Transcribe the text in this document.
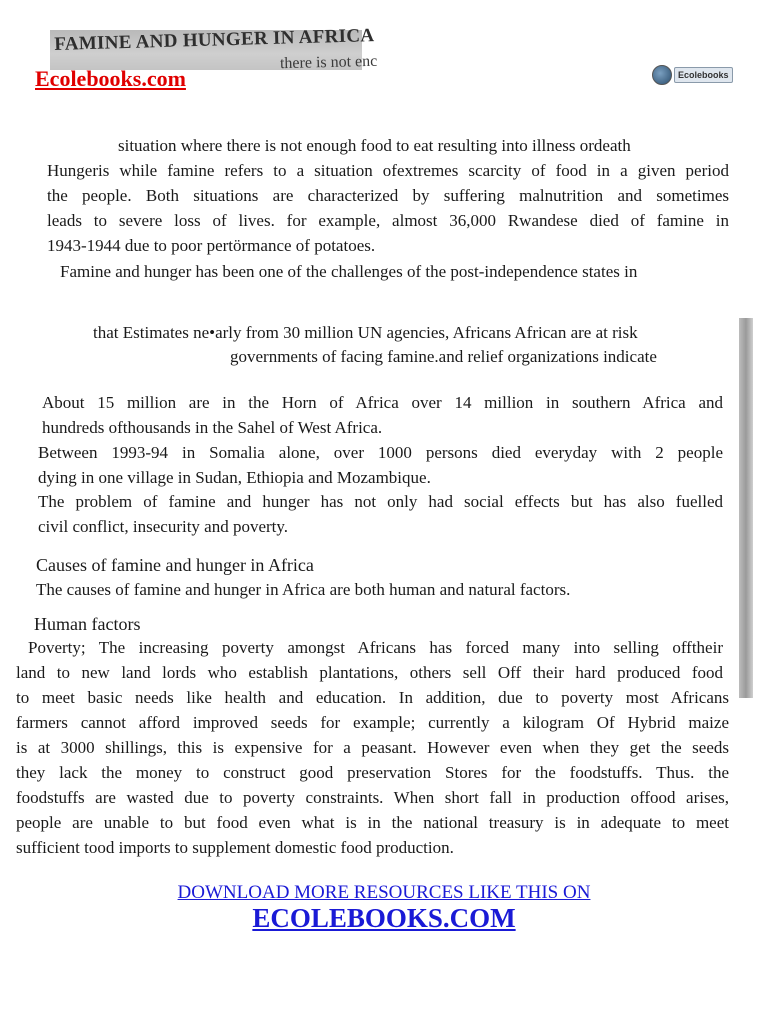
FAMINE AND HUNGER IN AFRICA
there is not enc
Ecolebooks.com	Ecolebooks
situation where there is not enough food to eat resulting into illness ordeath
Hungeris while famine refers to a situation ofextremes scarcity of food in a given period
the people. Both situations are characterized by suffering malnutrition and sometimes
leads to severe loss of lives. for example, almost 36,000 Rwandese died of famine in
1943-1944 due to poor pertörmance of potatoes.
Famine and hunger has been one of the challenges of the post-independence states in
that Estimates ne•arly from 30 million UN agencies, Africans African are at risk
governments of facing famine.and relief organizations indicate
About 15 million are in the Horn of Africa over 14 million in southern Africa and
hundreds ofthousands in the Sahel of West Africa.
Between 1993-94 in Somalia alone, over 1000 persons died everyday with 2 people
dying in one village in Sudan, Ethiopia and Mozambique.
The problem of famine and hunger has not only had social effects but has also fuelled
civil conflict, insecurity and poverty.
Causes of famine and hunger in Africa
The causes of famine and hunger in Africa are both human and natural factors.
Human factors
Poverty; The increasing poverty amongst Africans has forced many into selling offtheir
land to new land lords who establish plantations, others sell Off their hard produced food
to meet basic needs like health and education. In addition, due to poverty most Africans
farmers cannot afford improved seeds for example; currently a kilogram Of Hybrid maize
is at 3000 shillings, this is expensive for a peasant. However even when they get the seeds
they lack the money to construct good preservation Stores for the foodstuffs. Thus. the
foodstuffs are wasted due to poverty constraints. When short fall in production offood arises,
people are unable to but food even what is in the national treasury is in adequate to meet
sufficient tood imports to supplement domestic food production.
DOWNLOAD MORE RESOURCES LIKE THIS ON
ECOLEBOOKS.COM
